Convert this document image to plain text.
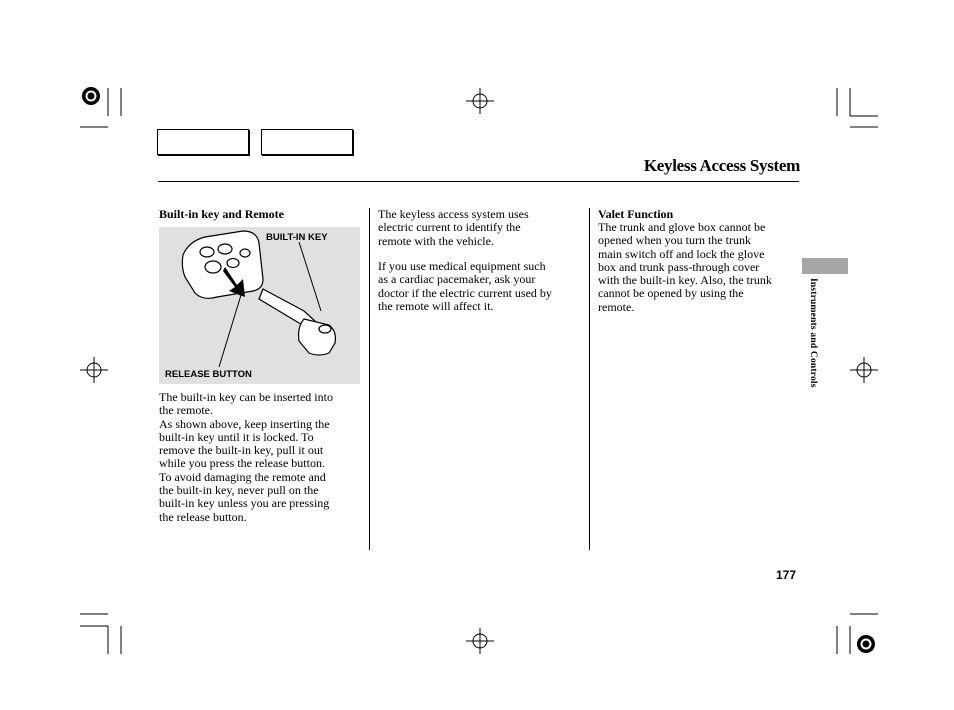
Keyless Access System
Built-in key and Remote
BUILT-IN KEY
RELEASE BUTTON
The built-in key can be inserted into
the remote.
As shown above, keep inserting the
built-in key until it is locked. To
remove the built-in key, pull it out
while you press the release button.
To avoid damaging the remote and
the built-in key, never pull on the
built-in key unless you are pressing
the release button.
The keyless access system uses
electric current to identify the
remote with the vehicle.
If you use medical equipment such
as a cardiac pacemaker, ask your
doctor if the electric current used by
the remote will affect it.
Valet Function
The trunk and glove box cannot be
opened when you turn the trunk
main switch off and lock the glove
box and trunk pass-through cover
with the built-in key. Also, the trunk
cannot be opened by using the
remote.	Instruments and Controls
177
